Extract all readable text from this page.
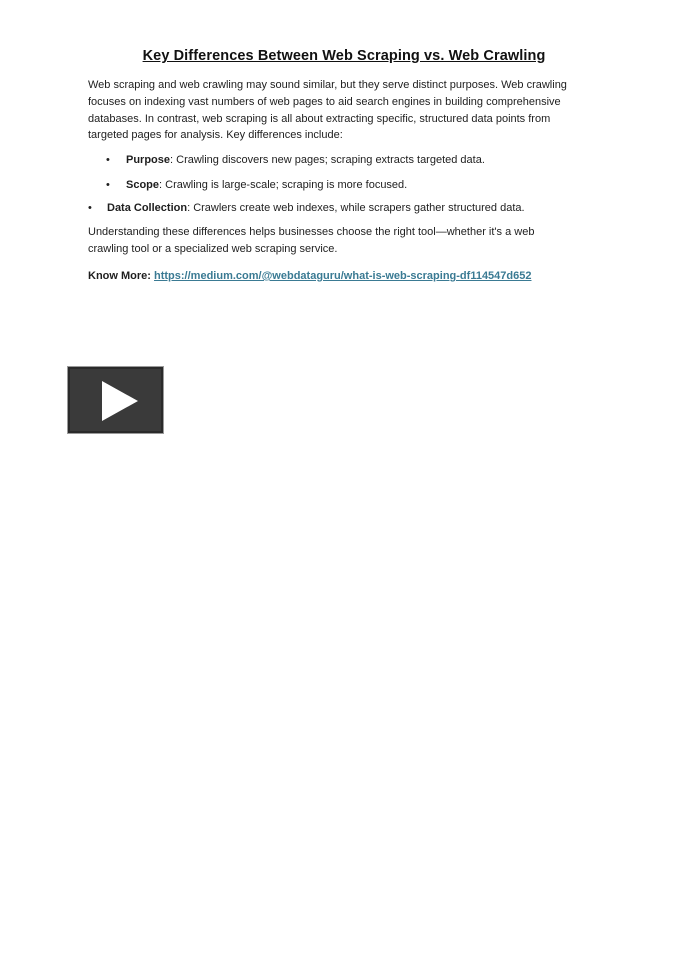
Key Differences Between Web Scraping vs. Web Crawling
Web scraping and web crawling may sound similar, but they serve distinct purposes. Web crawling
focuses on indexing vast numbers of web pages to aid search engines in building comprehensive
databases. In contrast, web scraping is all about extracting specific, structured data points from
targeted pages for analysis. Key differences include:
• Purpose: Crawling discovers new pages; scraping extracts targeted data.
• Scope: Crawling is large-scale; scraping is more focused.
• Data Collection: Crawlers create web indexes, while scrapers gather structured data.
Understanding these differences helps businesses choose the right tool—whether it's a web
crawling tool or a specialized web scraping service.
Know More: https://medium.com/@webdataguru/what-is-web-scraping-df114547d652
